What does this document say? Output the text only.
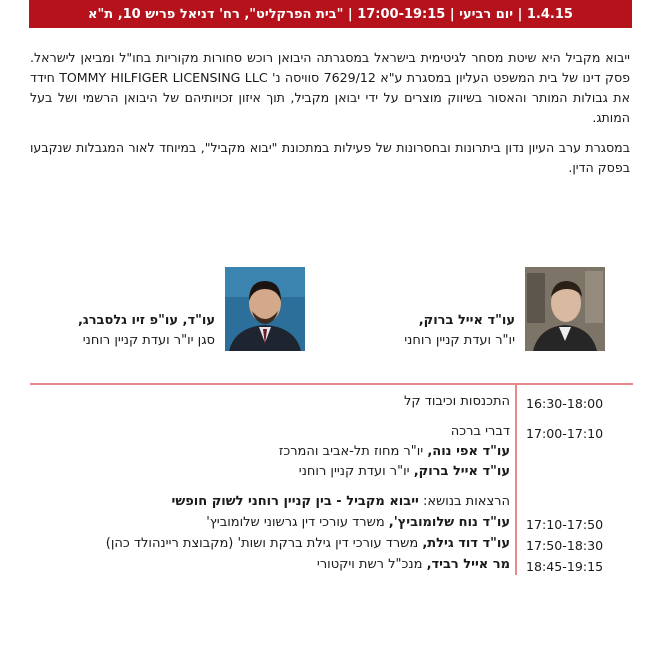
1.4.15 | יום רביעי | 17:00-19:15 | "בית הפרקליט", רח' דניאל פריש 10, ת"א

ייבוא מקביל היא שיטת מסחר לגיטימית בישראל במסגרתה היבואן רוכש סחורות מקוריות בחו"ל ומביאן לישראל. פסק דינו של בית המשפט העליון במסגרת ע"א 7629/12 סוויסה נ' TOMMY HILFIGER LICENSING LLC חידד את גבולות המותר והאסור בשיווק מוצרים על ידי יבואן מקביל, תוך איזון זכויותיהם של היבואן הרשמי ושל בעל המותג.

במסגרת ערב העיון נדון ביתרונות ובחסרונות של פעילות במתכונת "יבוא מקביל", במיוחד לאור המגבלות שנקבעו בפסק הדין.

עו"ד אייל ברוק,
יו"ר ועדת קניין רוחני
עו"ד, עו"פ זיו גלסברג,
סגן יו"ר ועדת קניין רוחני
16:30-18:00
17:00-17:10
17:10-17:50
17:50-18:30
18:45-19:15
התכנסות וכיבוד קל
דברי ברכה
עו"ד אפי נוה, יו"ר מחוז תל-אביב והמרכז
עו"ד אייל ברוק, יו"ר ועדת קניין רוחני
הרצאות בנושא: ייבוא מקביל - בין קניין רוחני לשוק חופשי
עו"ד נוח שלומוביץ', משרד עורכי דין גרשוני שלומוביץ'
עו"ד דוד גילת, משרד עורכי דין גילת ברקת ושות' (מקבוצת ריינהולד כהן)
מר אייל רביד, מנכ"ל רשת ויקטורי
